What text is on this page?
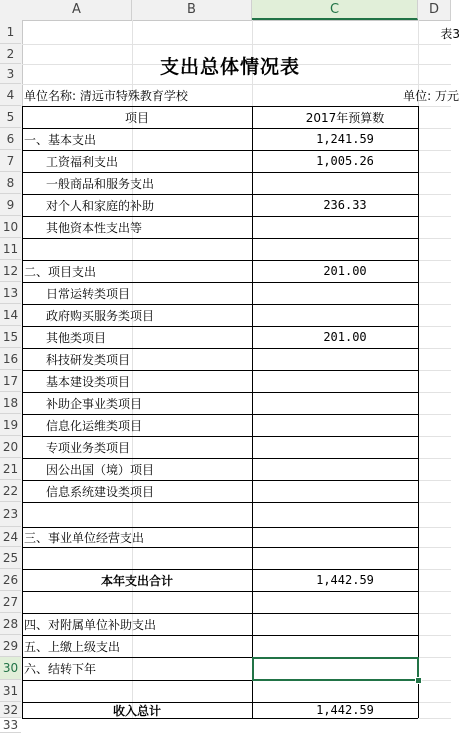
A	B	C	D
1
2
3
4
5
6
7
8
9
10
11
12
13
14
15
16
17
18
19
20
21
22
23
24
25
26
27
28
29
30
31
32
33
表3
支出总体情况表
单位名称: 清远市特殊教育学校	单位: 万元
项目	2017年预算数
一、基本支出	1,241.59
工资福利支出	1,005.26
一般商品和服务支出
对个人和家庭的补助	236.33
其他资本性支出等
二、项目支出	201.00
日常运转类项目
政府购买服务类项目
其他类项目	201.00
科技研发类项目
基本建设类项目
补助企事业类项目
信息化运维类项目
专项业务类项目
因公出国（境）项目
信息系统建设类项目
三、事业单位经营支出
本年支出合计	1,442.59
四、对附属单位补助支出
五、上缴上级支出
六、结转下年
收入总计	1,442.59
